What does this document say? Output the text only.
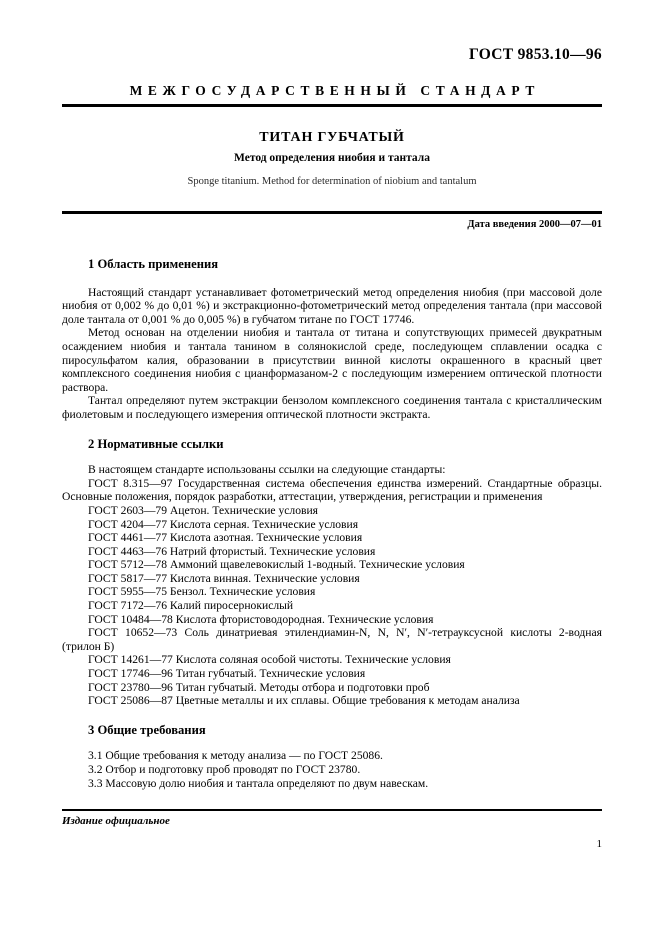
ГОСТ 9853.10—96
МЕЖГОСУДАРСТВЕННЫЙ СТАНДАРТ
ТИТАН ГУБЧАТЫЙ
Метод определения ниобия и тантала
Sponge titanium. Method for determination of niobium and tantalum
Дата введения 2000—07—01
1 Область применения

Настоящий стандарт устанавливает фотометрический метод определения ниобия (при массовой доле ниобия от 0,002 % до 0,01 %) и экстракционно-фотометрический метод определения тантала (при массовой доле тантала от 0,001 % до 0,005 %) в губчатом титане по ГОСТ 17746.

Метод основан на отделении ниобия и тантала от титана и сопутствующих примесей двукратным осаждением ниобия и тантала танином в солянокислой среде, последующем сплавлении осадка с пиросульфатом калия, образовании в присутствии винной кислоты окрашенного в красный цвет комплексного соединения ниобия с цианформазаном-2 с последующим измерением оптической плотности раствора.

Тантал определяют путем экстракции бензолом комплексного соединения тантала с кристаллическим фиолетовым и последующего измерения оптической плотности экстракта.

2 Нормативные ссылки

В настоящем стандарте использованы ссылки на следующие стандарты:

ГОСТ 8.315—97 Государственная система обеспечения единства измерений. Стандартные образцы. Основные положения, порядок разработки, аттестации, утверждения, регистрации и применения
ГОСТ 2603—79 Ацетон. Технические условия
ГОСТ 4204—77 Кислота серная. Технические условия
ГОСТ 4461—77 Кислота азотная. Технические условия
ГОСТ 4463—76 Натрий фтористый. Технические условия
ГОСТ 5712—78 Аммоний щавелевокислый 1-водный. Технические условия
ГОСТ 5817—77 Кислота винная. Технические условия
ГОСТ 5955—75 Бензол. Технические условия
ГОСТ 7172—76 Калий пиросернокислый
ГОСТ 10484—78 Кислота фтористоводородная. Технические условия
ГОСТ 10652—73 Соль динатриевая этилендиамин-N, N, N′, N′-тетрауксусной кислоты 2-водная (трилон Б)
ГОСТ 14261—77 Кислота соляная особой чистоты. Технические условия
ГОСТ 17746—96 Титан губчатый. Технические условия
ГОСТ 23780—96 Титан губчатый. Методы отбора и подготовки проб
ГОСТ 25086—87 Цветные металлы и их сплавы. Общие требования к методам анализа
3 Общие требования

3.1 Общие требования к методу анализа — по ГОСТ 25086.

3.2 Отбор и подготовку проб проводят по ГОСТ 23780.

3.3 Массовую долю ниобия и тантала определяют по двум навескам.

Издание официальное
1
